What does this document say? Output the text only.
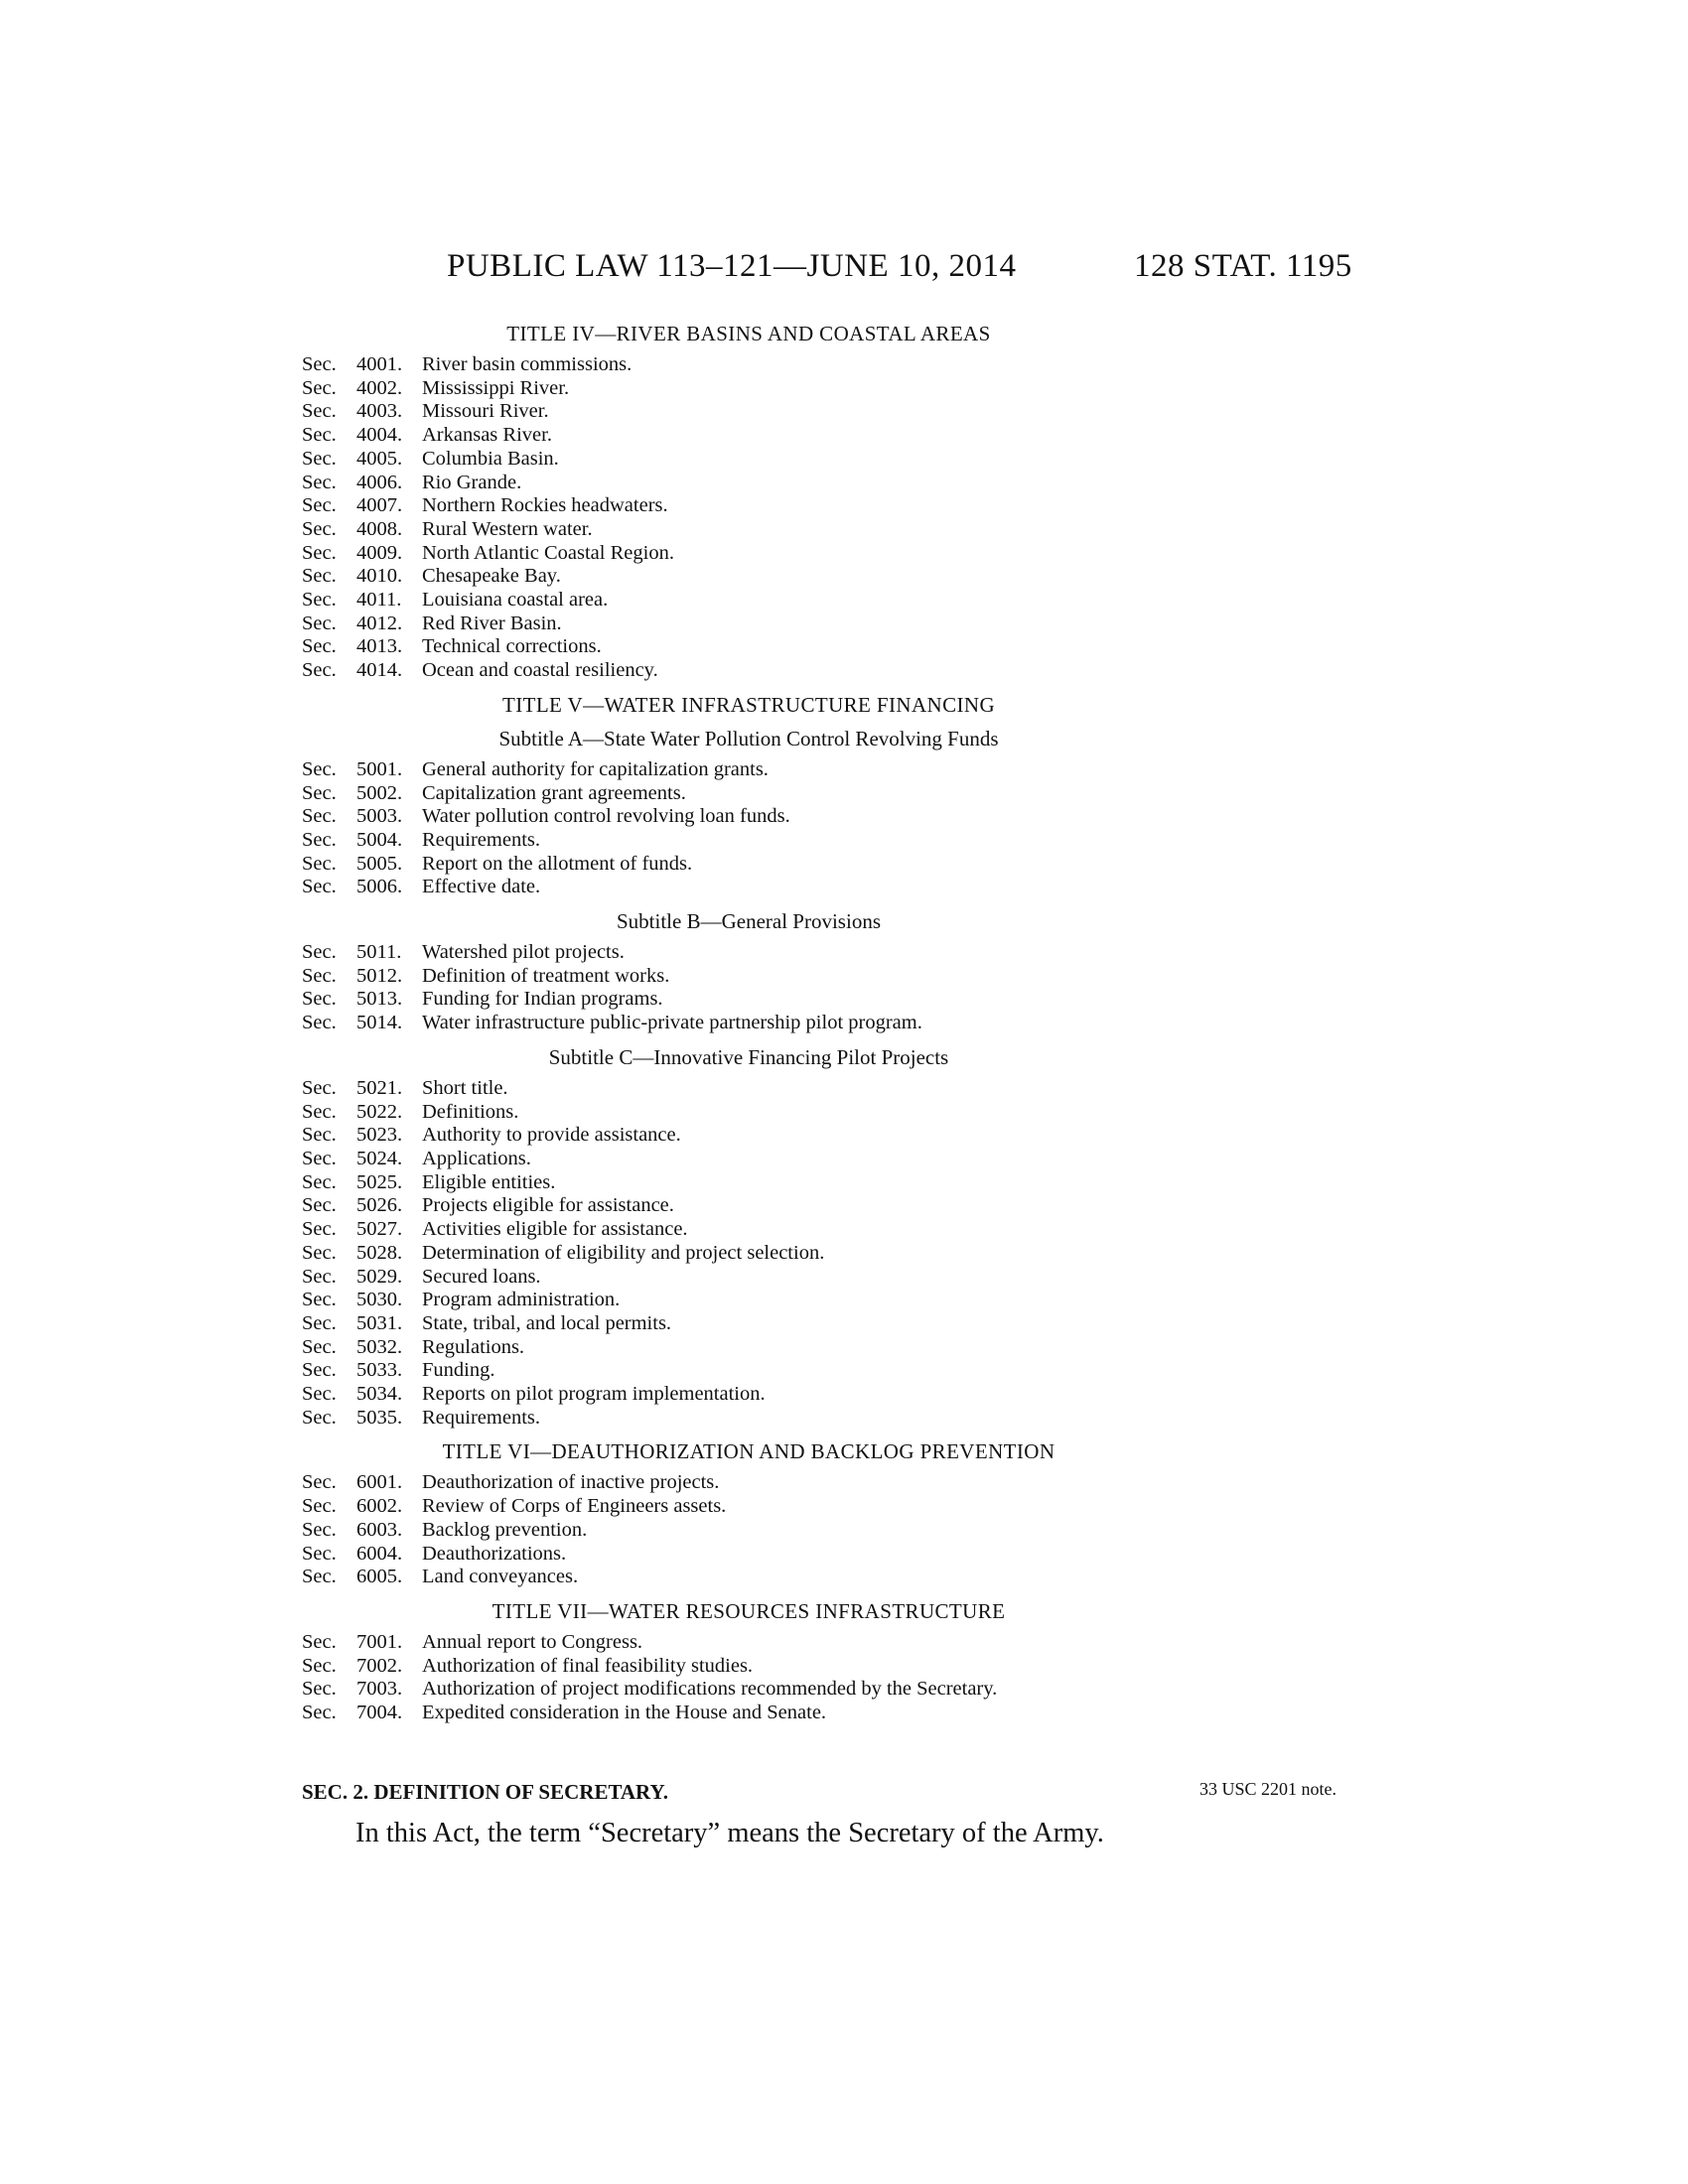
PUBLIC LAW 113–121—JUNE 10, 2014	128 STAT. 1195
TITLE IV—RIVER BASINS AND COASTAL AREAS
Sec. 4001. River basin commissions.
Sec. 4002. Mississippi River.
Sec. 4003. Missouri River.
Sec. 4004. Arkansas River.
Sec. 4005. Columbia Basin.
Sec. 4006. Rio Grande.
Sec. 4007. Northern Rockies headwaters.
Sec. 4008. Rural Western water.
Sec. 4009. North Atlantic Coastal Region.
Sec. 4010. Chesapeake Bay.
Sec. 4011.	Louisiana coastal area.
Sec. 4012. Red River Basin.
Sec. 4013. Technical corrections.
Sec. 4014. Ocean and coastal resiliency.
TITLE V—WATER INFRASTRUCTURE FINANCING
Subtitle A—State Water Pollution Control Revolving Funds
Sec. 5001. General authority for capitalization grants.
Sec. 5002. Capitalization grant agreements.
Sec. 5003. Water pollution control revolving loan funds.
Sec. 5004. Requirements.
Sec. 5005. Report on the allotment of funds.
Sec. 5006. Effective date.
Subtitle B—General Provisions
Sec. 5011.	Watershed pilot projects.
Sec. 5012. Definition of treatment works.
Sec. 5013. Funding for Indian programs.
Sec. 5014. Water infrastructure public-private partnership pilot program.
Subtitle C—Innovative Financing Pilot Projects
Sec. 5021. Short title.
Sec. 5022. Definitions.
Sec. 5023. Authority to provide assistance.
Sec. 5024. Applications.
Sec. 5025. Eligible entities.
Sec. 5026. Projects eligible for assistance.
Sec. 5027. Activities eligible for assistance.
Sec. 5028. Determination of eligibility and project selection.
Sec. 5029. Secured loans.
Sec. 5030. Program administration.
Sec. 5031. State, tribal, and local permits.
Sec. 5032. Regulations.
Sec. 5033. Funding.
Sec. 5034. Reports on pilot program implementation.
Sec. 5035. Requirements.
TITLE VI—DEAUTHORIZATION AND BACKLOG PREVENTION
Sec. 6001. Deauthorization of inactive projects.
Sec. 6002. Review of Corps of Engineers assets.
Sec. 6003. Backlog prevention.
Sec. 6004. Deauthorizations.
Sec. 6005. Land conveyances.
TITLE VII—WATER RESOURCES INFRASTRUCTURE
Sec. 7001. Annual report to Congress.
Sec. 7002. Authorization of final feasibility studies.
Sec. 7003. Authorization of project modifications recommended by the Secretary.
Sec. 7004. Expedited consideration in the House and Senate.
SEC. 2. DEFINITION OF SECRETARY.	33 USC 2201 note.
In this Act, the term “Secretary” means the Secretary of the Army.
